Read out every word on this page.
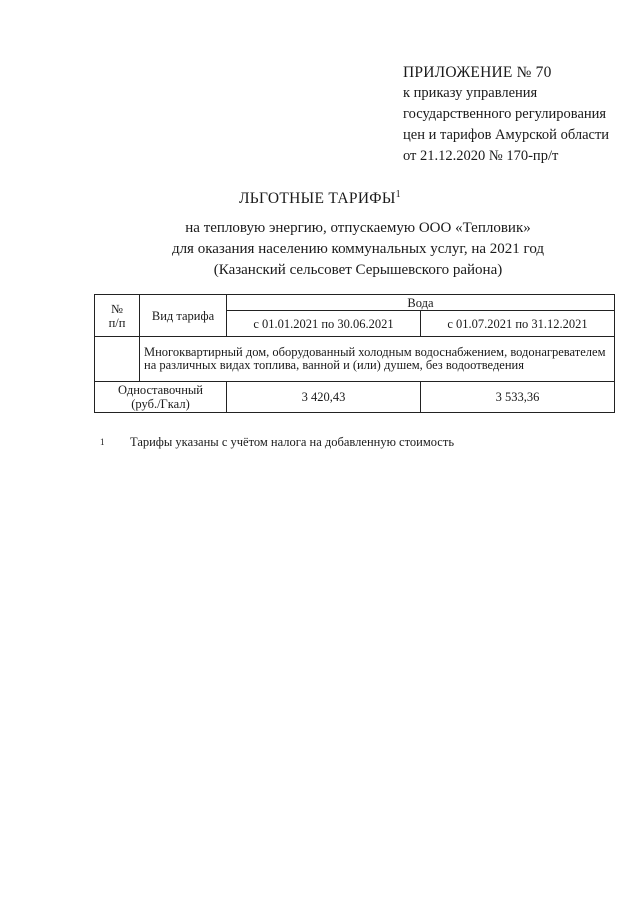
ПРИЛОЖЕНИЕ № 70
к приказу управления
государственного регулирования
цен и тарифов Амурской области
от 21.12.2020 № 170-пр/т
ЛЬГОТНЫЕ ТАРИФЫ$^1$
на тепловую энергию, отпускаемую ООО «Тепловик»
для оказания населению коммунальных услуг, на 2021 год
(Казанский сельсовет Серышевского района)
№
п/п	Вид тарифа	Вода	
		с 01.01.2021 по 30.06.2021	с 01.07.2021 по 31.12.2021
	Многоквартирный дом, оборудованный холодным водоснабжением, водонагревателем на различных видах топлива, ванной и (или) душем, без водоотведения		

Одноставочный
(руб./Гкал)		3 420,43	3 533,36
1 Тарифы указаны с учётом налога на добавленную стоимость
